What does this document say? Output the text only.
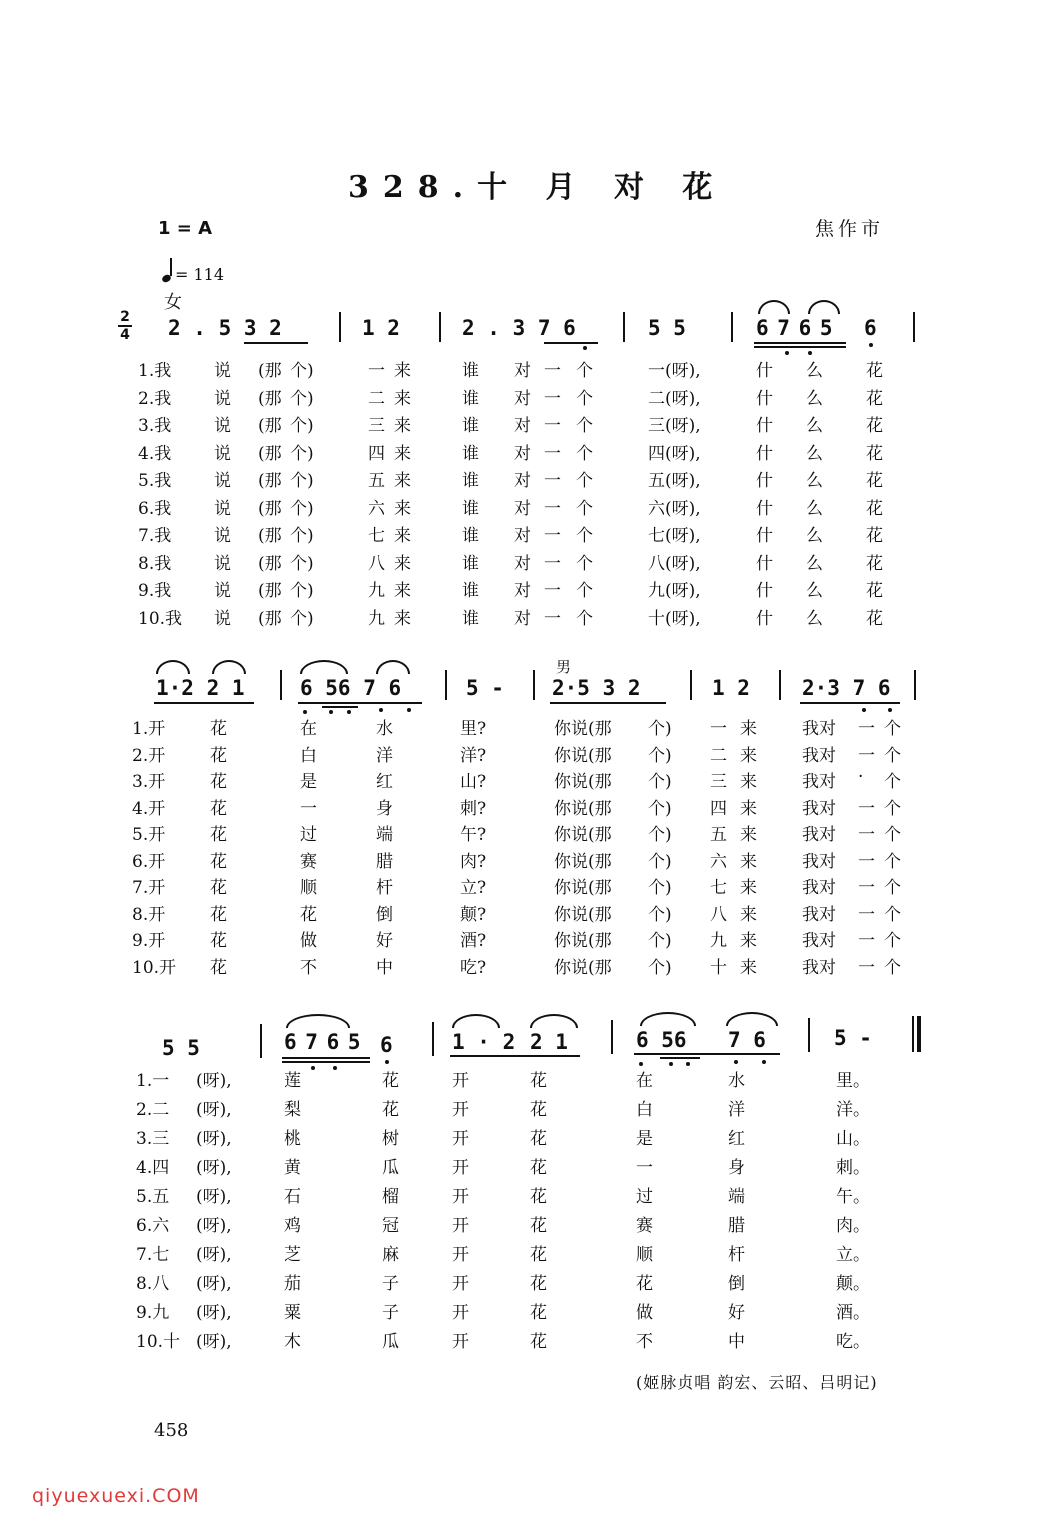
328.十 月 对 花
1 = A	焦作市
= 114
女
2
4 2 . 5 3 2	1 2	2 . 3 7 6	5 5	6 7 6 5 6
1.我	说 (那 个)	一 来	谁 对 一 个	一(呀),	什 么	花
2.我	说 (那 个)	二 来	谁 对 一 个	二(呀),	什 么	花
3.我	说 (那 个)	三 来	谁 对 一 个	三(呀),	什 么	花
4.我	说 (那 个)	四 来	谁 对 一 个	四(呀),	什 么	花
5.我	说 (那 个)	五 来	谁 对 一 个	五(呀),	什 么	花
6.我	说 (那 个)	六 来	谁 对 一 个	六(呀),	什 么	花
7.我	说 (那 个)	七 来	谁 对 一 个	七(呀),	什 么	花
8.我	说 (那 个)	八 来	谁 对 一 个	八(呀),	什 么	花
9.我	说 (那 个)	九 来	谁 对 一 个	九(呀),	什 么	花
10.我 说 (那 个)	九 来	谁 对 一 个	十(呀),	什 么	花
男
1·2 2 1	6 56 7 6	5 - 2·5 3 2	1 2 2·3 7 6
1.开	花	在	水	里?	你说(那 个) 一 来	我对 一 个
2.开	花	白	洋	洋?	你说(那 个) 二 来	我对 一 个
3.开	花	是	红	山?	你说(那 个) 三 来	我对 · 个
4.开	花	一	身	刺?	你说(那 个) 四 来	我对 一 个
5.开	花	过	端	午?	你说(那 个) 五 来	我对 一 个
6.开	花	赛	腊	肉?	你说(那 个) 六 来	我对 一 个
7.开	花	顺	杆	立?	你说(那 个) 七 来	我对 一 个
8.开	花	花	倒	颠?	你说(那 个) 八 来	我对 一 个
9.开	花	做	好	酒?	你说(那 个) 九 来	我对 一 个
10.开 花	不	中	吃?	你说(那 个) 十 来	我对 一 个
5 5	6 7 6 5 6	1 · 2 2 1	6 56 7 6	5 -
1.一 (呀),	莲	花	开	花	在	水	里。
2.二 (呀),	梨	花	开	花	白	洋	洋。
3.三 (呀),	桃	树	开	花	是	红	山。
4.四 (呀),	黄	瓜	开	花	一	身	刺。
5.五 (呀),	石	榴	开	花	过	端	午。
6.六 (呀),	鸡	冠	开	花	赛	腊	肉。
7.七 (呀),	芝	麻	开	花	顺	杆	立。
8.八 (呀),	茄	子	开	花	花	倒	颠。
9.九 (呀),	粟	子	开	花	做	好	酒。
10.十 (呀),	木	瓜	开	花	不	中	吃。
(姬脉贞唱 韵宏、云昭、吕明记)
458
qiyuexuexi.COM
